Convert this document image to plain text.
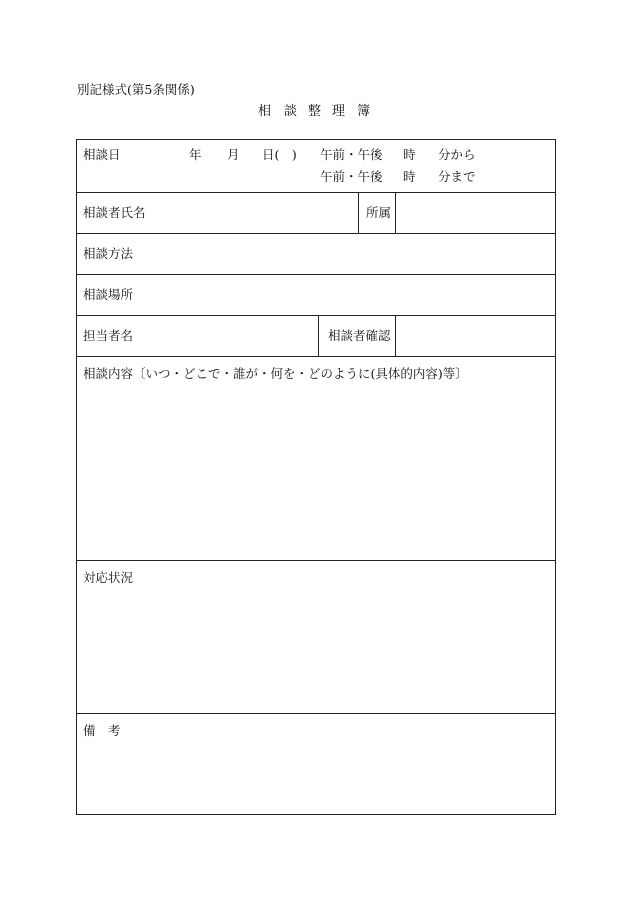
別記様式(第5条関係)
相 談 整 理 簿
相談日	年 月 日(　) 午前・午後 時 分から
午前・午後 時 分まで
相談者氏名	所属
相談方法
相談場所
担当者名	相談者確認
相談内容〔いつ・どこで・誰が・何を・どのように(具体的内容)等〕
対応状況
備　考
